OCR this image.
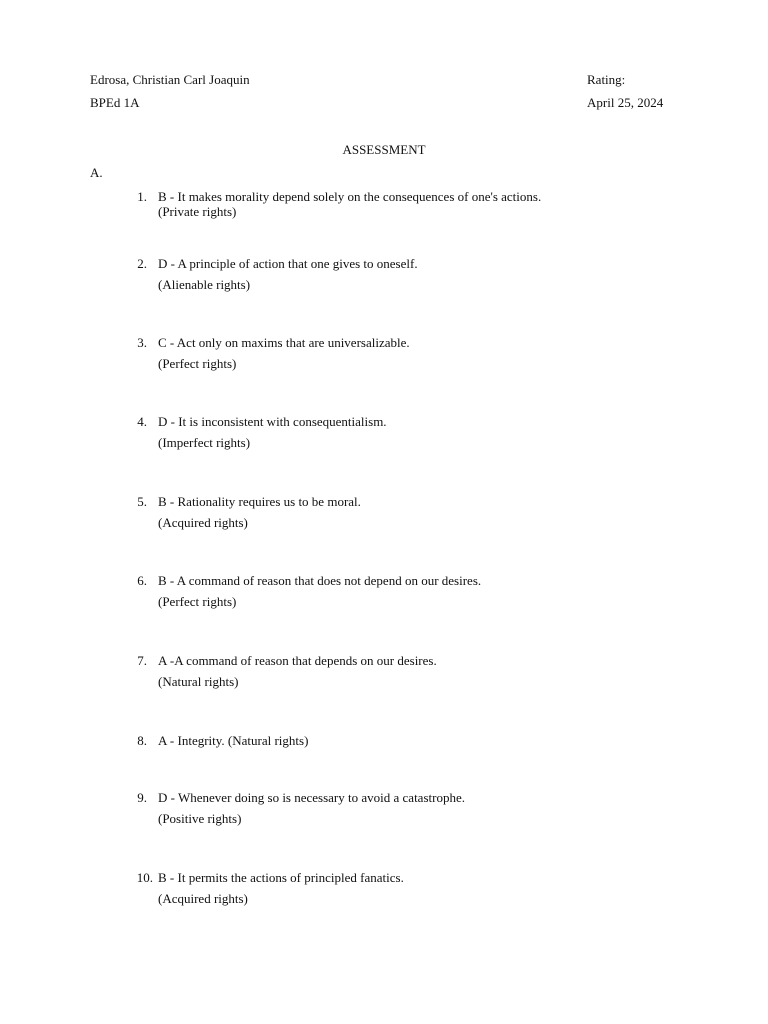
Edrosa, Christian Carl Joaquin	Rating:
BPEd 1A	April 25, 2024
ASSESSMENT
A.
1. B - It makes morality depend solely on the consequences of one's actions.
(Private rights)
2. D - A principle of action that one gives to oneself.
(Alienable rights)
3. C - Act only on maxims that are universalizable.
(Perfect rights)
4. D - It is inconsistent with consequentialism.
(Imperfect rights)
5. B - Rationality requires us to be moral.
(Acquired rights)
6. B - A command of reason that does not depend on our desires.
(Perfect rights)
7. A -A command of reason that depends on our desires.
(Natural rights)
8. A - Integrity. (Natural rights)
9. D - Whenever doing so is necessary to avoid a catastrophe.
(Positive rights)
10. B - It permits the actions of principled fanatics.
(Acquired rights)
